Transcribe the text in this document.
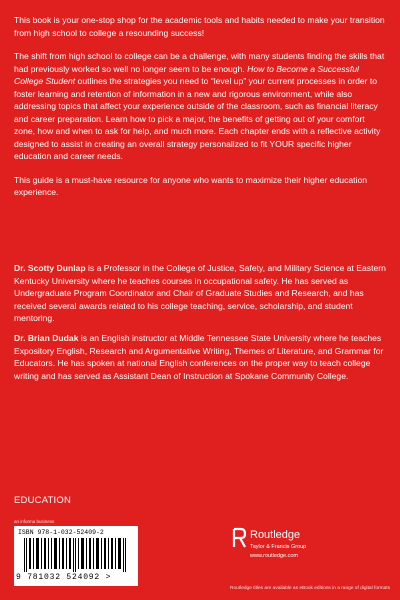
This book is your one-stop shop for the academic tools and habits needed to make your transition from high school to college a resounding success!

The shift from high school to college can be a challenge, with many students finding the skills that had previously worked so well no longer seem to be enough. How to Become a Successful College Student outlines the strategies you need to “level up” your current processes in order to foster learning and retention of information in a new and rigorous environment, while also addressing topics that affect your experience outside of the classroom, such as financial literacy and career preparation. Learn how to pick a major, the benefits of getting out of your comfort zone, how and when to ask for help, and much more. Each chapter ends with a reflective activity designed to assist in creating an overall strategy personalized to fit YOUR specific higher education and career needs.

This guide is a must-have resource for anyone who wants to maximize their higher education experience.

Dr. Scotty Dunlap is a Professor in the College of Justice, Safety, and Military Science at Eastern Kentucky University where he teaches courses in occupational safety. He has served as Undergraduate Program Coordinator and Chair of Graduate Studies and Research, and has received several awards related to his college teaching, service, scholarship, and student mentoring.
Dr. Brian Dudak is an English instructor at Middle Tennessee State University where he teaches Expository English, Research and Argumentative Writing, Themes of Literature, and Grammar for Educators. He has spoken at national English conferences on the proper way to teach college writing and has served as Assistant Dean of Instruction at Spokane Community College.
EDUCATION
an informa business
ISBN 978-1-032-52409-2
9 781032 524092 >
Routledge
Taylor & Francis Group
www.routledge.com
Routledge titles are available as eBook editions in a range of digital formats
